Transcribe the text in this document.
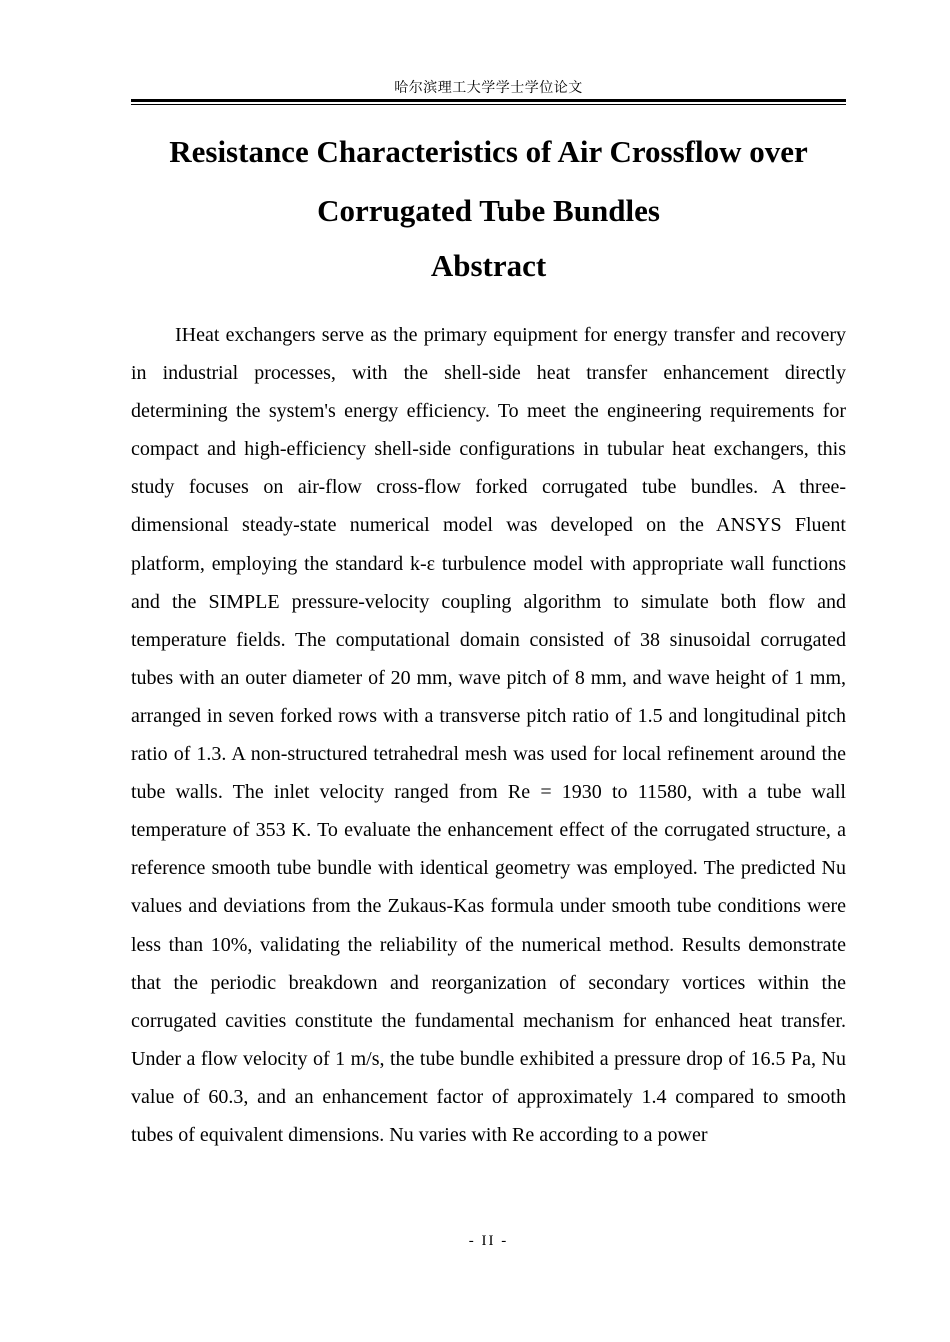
哈尔滨理工大学学士学位论文
Resistance Characteristics of Air Crossflow over Corrugated Tube Bundles
Abstract

IHeat exchangers serve as the primary equipment for energy transfer and recovery in industrial processes, with the shell-side heat transfer enhancement directly determining the system's energy efficiency. To meet the engineering requirements for compact and high-efficiency shell-side configurations in tubular heat exchangers, this study focuses on air-flow cross-flow forked corrugated tube bundles. A three-dimensional steady-state numerical model was developed on the ANSYS Fluent platform, employing the standard k-ε turbulence model with appropriate wall functions and the SIMPLE pressure-velocity coupling algorithm to simulate both flow and temperature fields. The computational domain consisted of 38 sinusoidal corrugated tubes with an outer diameter of 20 mm, wave pitch of 8 mm, and wave height of 1 mm, arranged in seven forked rows with a transverse pitch ratio of 1.5 and longitudinal pitch ratio of 1.3. A non-structured tetrahedral mesh was used for local refinement around the tube walls. The inlet velocity ranged from Re = 1930 to 11580, with a tube wall temperature of 353 K. To evaluate the enhancement effect of the corrugated structure, a reference smooth tube bundle with identical geometry was employed. The predicted Nu values and deviations from the Zukaus-Kas formula under smooth tube conditions were less than 10%, validating the reliability of the numerical method. Results demonstrate that the periodic breakdown and reorganization of secondary vortices within the corrugated cavities constitute the fundamental mechanism for enhanced heat transfer. Under a flow velocity of 1 m/s, the tube bundle exhibited a pressure drop of 16.5 Pa, Nu value of 60.3, and an enhancement factor of approximately 1.4 compared to smooth tubes of equivalent dimensions. Nu varies with Re according to a power

- II -
